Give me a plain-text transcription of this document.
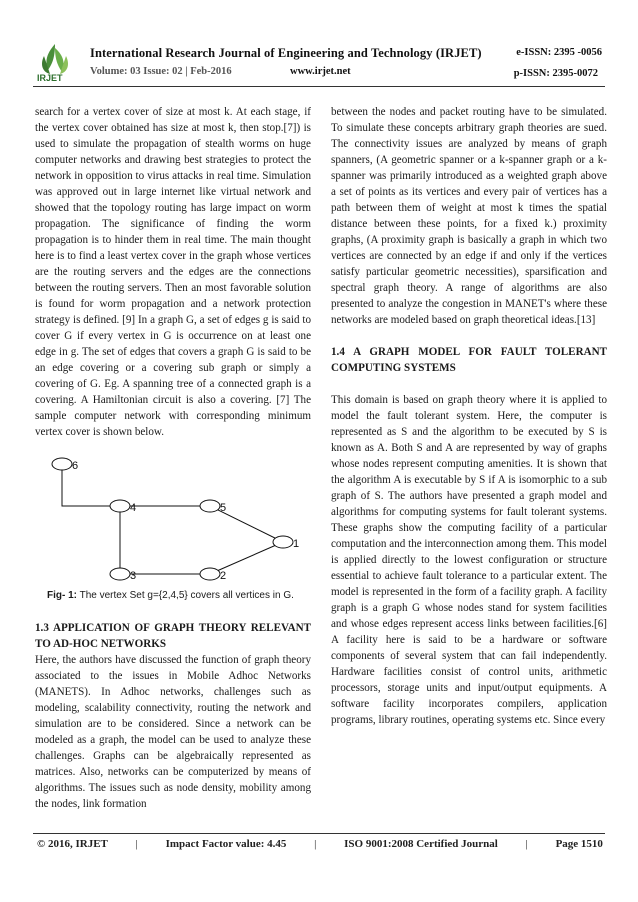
IRJET
International Research Journal of Engineering and Technology (IRJET)
Volume: 03 Issue: 02 | Feb-2016	www.irjet.net
e-ISSN: 2395 -0056
p-ISSN: 2395-0072

search for a vertex cover of size at most k. At each stage, if the vertex cover obtained has size at most k, then stop.[7]) is used to simulate the propagation of stealth worms on huge computer networks and drawing best strategies to protect the network in opposition to virus attacks in real time. Simulation was approved out in large internet like virtual network and showed that the topology routing has large impact on worm propagation. The significance of finding the worm propagation is to hinder them in real time. The main thought here is to find a least vertex cover in the graph whose vertices are the routing servers and the edges are the connections between the routing servers. Then an most favorable solution is found for worm propagation and a network protection strategy is defined. [9] In a graph G, a set of edges g is said to cover G if every vertex in G is occurrence on at least one edge in g. The set of edges that covers a graph G is said to be an edge covering or a covering sub graph or simply a covering of G. Eg. A spanning tree of a connected graph is a covering. A Hamiltonian circuit is also a covering. [7] The sample computer network with corresponding minimum vertex cover is shown below.

6
4	5
1
3	2
Fig- 1: The vertex Set g={2,4,5} covers all vertices in G.

1.3 APPLICATION OF GRAPH THEORY RELEVANT TO AD-HOC NETWORKS

Here, the authors have discussed the function of graph theory associated to the issues in Mobile Adhoc Networks (MANETS). In Adhoc networks, challenges such as modeling, scalability connectivity, routing the network and simulation are to be considered. Since a network can be modeled as a graph, the model can be used to analyze these challenges. Graphs can be algebraically represented as matrices. Also, networks can be computerized by means of algorithms. The issues such as node density, mobility among the nodes, link formation

between the nodes and packet routing have to be simulated. To simulate these concepts arbitrary graph theories are sued. The connectivity issues are analyzed by means of graph spanners, (A geometric spanner or a k-spanner graph or a k-spanner was primarily introduced as a weighted graph above a set of points as its vertices and every pair of vertices has a path between them of weight at most k times the spatial distance between these points, for a fixed k.) proximity graphs, (A proximity graph is basically a graph in which two vertices are connected by an edge if and only if the vertices satisfy particular geometric necessities), sparsification and spectral graph theory. A range of algorithms are also presented to analyze the congestion in MANET's where these networks are modeled based on graph theoretical ideas.[13]

1.4 A GRAPH MODEL FOR FAULT TOLERANT COMPUTING SYSTEMS

This domain is based on graph theory where it is applied to model the fault tolerant system. Here, the computer is represented as S and the algorithm to be executed by S is known as A. Both S and A are represented by way of graphs whose nodes represent computing amenities. It is shown that the algorithm A is executable by S if A is isomorphic to a sub graph of S. The authors have presented a graph model and algorithms for computing systems for fault tolerant systems. These graphs show the computing facility of a particular computation and the interconnection among them. This model is applied directly to the lowest configuration or structure essential to achieve fault tolerance to a particular extent. The model is represented in the form of a facility graph. A facility graph is a graph G whose nodes stand for system facilities and whose edges represent access links between facilities.[6] A facility here is said to be a hardware or software components of several system that can fail independently. Hardware facilities consist of control units, arithmetic processors, storage units and input/output equipments. A software facility incorporates compilers, application programs, library routines, operating systems etc. Since every

© 2016, IRJET	|	Impact Factor value: 4.45	|	ISO 9001:2008 Certified Journal	|	Page 1510
